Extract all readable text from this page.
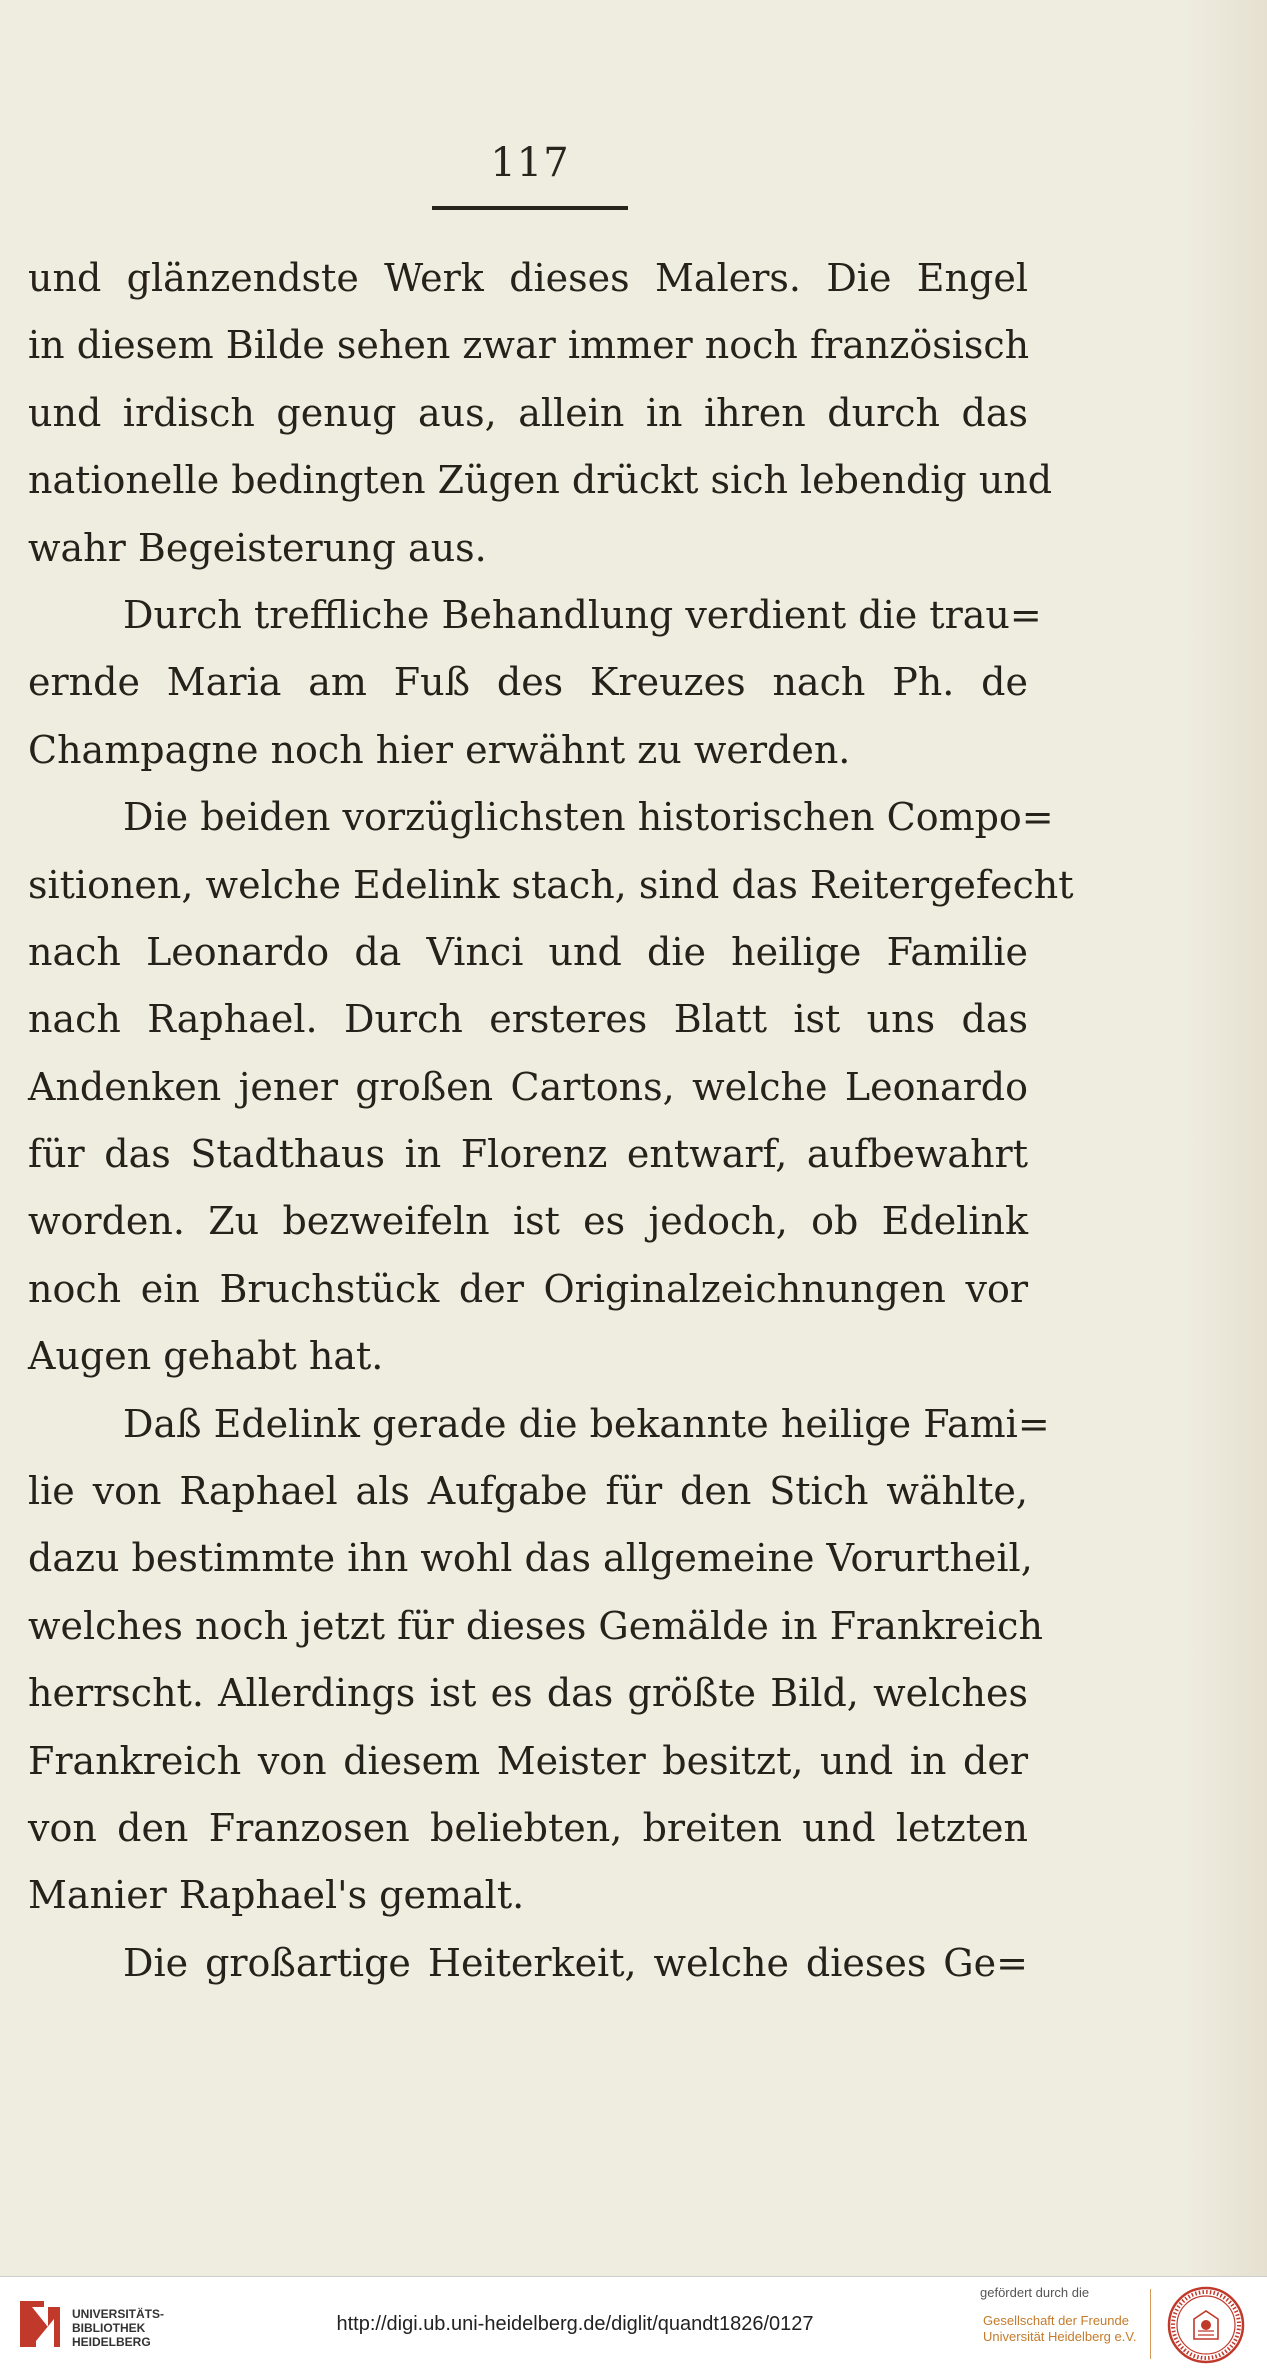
117
und glänzendste Werk dieses Malers. Die Engel
in diesem Bilde sehen zwar immer noch französisch
und irdisch genug aus, allein in ihren durch das
nationelle bedingten Zügen drückt sich lebendig und
wahr Begeisterung aus.
Durch treffliche Behandlung verdient die trau=
ernde Maria am Fuß des Kreuzes nach Ph. de
Champagne noch hier erwähnt zu werden.
Die beiden vorzüglichsten historischen Compo=
sitionen, welche Edelink stach, sind das Reitergefecht
nach Leonardo da Vinci und die heilige Familie
nach Raphael. Durch ersteres Blatt ist uns das
Andenken jener großen Cartons, welche Leonardo
für das Stadthaus in Florenz entwarf, aufbewahrt
worden. Zu bezweifeln ist es jedoch, ob Edelink
noch ein Bruchstück der Originalzeichnungen vor
Augen gehabt hat.
Daß Edelink gerade die bekannte heilige Fami=
lie von Raphael als Aufgabe für den Stich wählte,
dazu bestimmte ihn wohl das allgemeine Vorurtheil,
welches noch jetzt für dieses Gemälde in Frankreich
herrscht. Allerdings ist es das größte Bild, welches
Frankreich von diesem Meister besitzt, und in der
von den Franzosen beliebten, breiten und letzten
Manier Raphael's gemalt.
Die großartige Heiterkeit, welche dieses Ge=
UNIVERSITÄTS-
BIBLIOTHEK
HEIDELBERG
http://digi.ub.uni-heidelberg.de/diglit/quandt1826/0127
gefördert durch die
Gesellschaft der Freunde
Universität Heidelberg e.V.
